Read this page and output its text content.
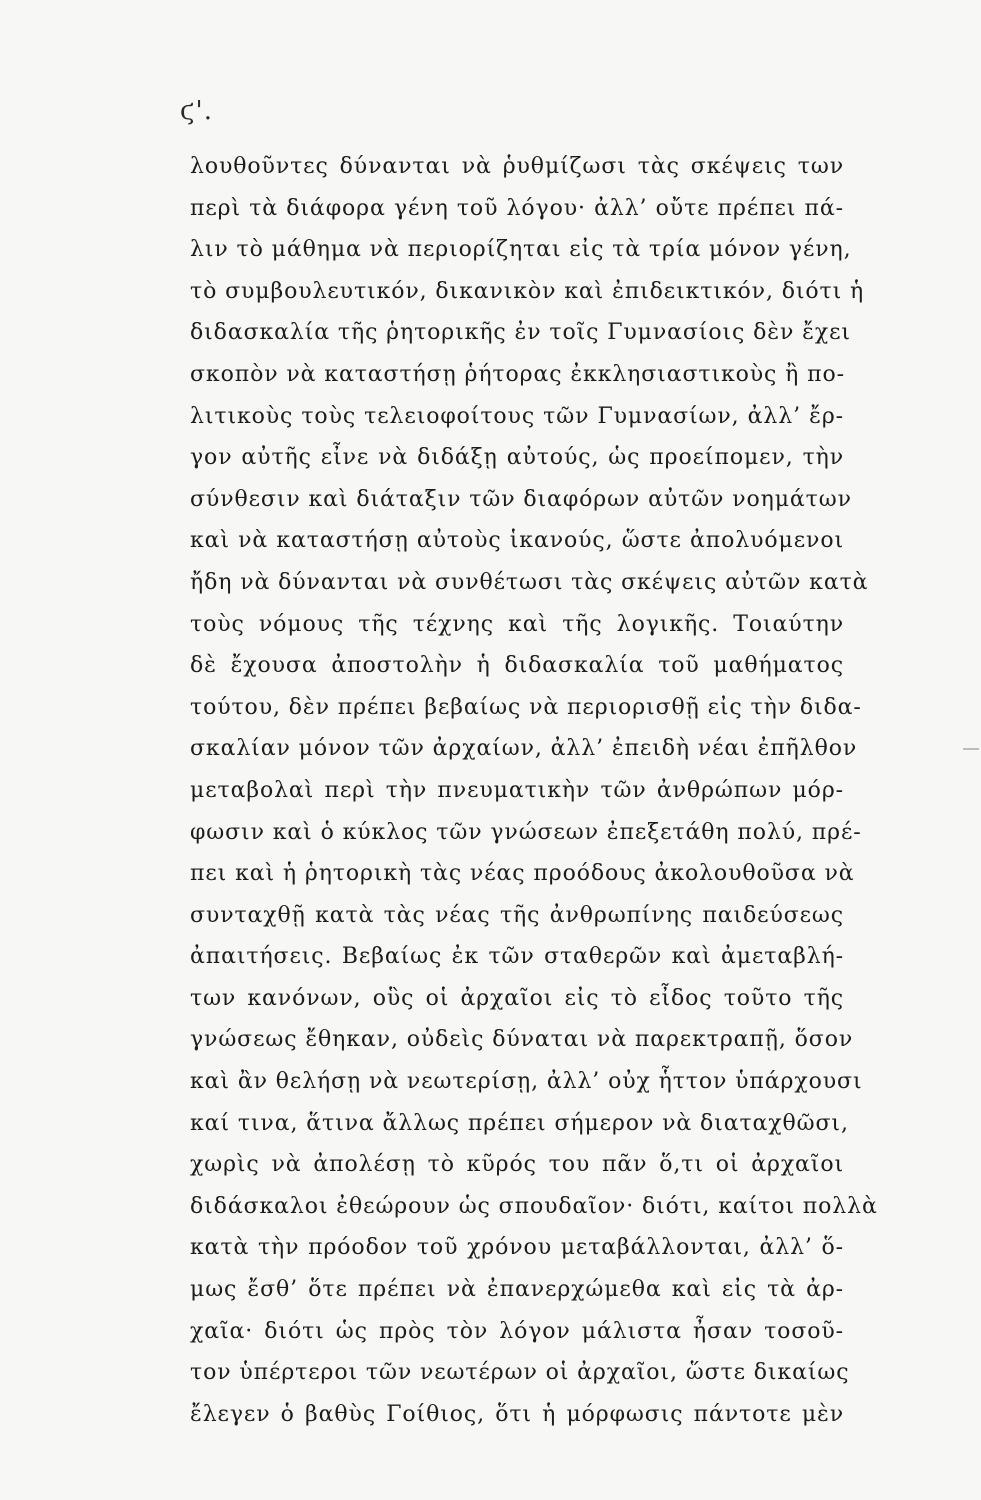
ϛ'.
λουθοῦντες δύνανται νὰ ῥυθμίζωσι τὰς σκέψεις των
περὶ τὰ διάφορα γένη τοῦ λόγου· ἀλλ’ οὔτε πρέπει πά-
λιν τὸ μάθημα νὰ περιορίζηται εἰς τὰ τρία μόνον γένη,
τὸ συμβουλευτικόν, δικανικὸν καὶ ἐπιδεικτικόν, διότι ἡ
διδασκαλία τῆς ῥητορικῆς ἐν τοῖς Γυμνασίοις δὲν ἔχει
σκοπὸν νὰ καταστήσῃ ῥήτορας ἐκκλησιαστικοὺς ἢ πο-
λιτικοὺς τοὺς τελειοφοίτους τῶν Γυμνασίων, ἀλλ’ ἔρ-
γον αὐτῆς εἶνε νὰ διδάξῃ αὐτούς, ὡς προείπομεν, τὴν
σύνθεσιν καὶ διάταξιν τῶν διαφόρων αὐτῶν νοημάτων
καὶ νὰ καταστήσῃ αὐτοὺς ἱκανούς, ὥστε ἀπολυόμενοι
ἤδη νὰ δύνανται νὰ συνθέτωσι τὰς σκέψεις αὐτῶν κατὰ
τοὺς νόμους τῆς τέχνης καὶ τῆς λογικῆς. Τοιαύτην
δὲ ἔχουσα ἀποστολὴν ἡ διδασκαλία τοῦ μαθήματος
τούτου, δὲν πρέπει βεβαίως νὰ περιορισθῇ εἰς τὴν διδα-
σκαλίαν μόνον τῶν ἀρχαίων, ἀλλ’ ἐπειδὴ νέαι ἐπῆλθον
μεταβολαὶ περὶ τὴν πνευματικὴν τῶν ἀνθρώπων μόρ-
φωσιν καὶ ὁ κύκλος τῶν γνώσεων ἐπεξετάθη πολύ, πρέ-
πει καὶ ἡ ῥητορικὴ τὰς νέας προόδους ἀκολουθοῦσα νὰ
συνταχθῇ κατὰ τὰς νέας τῆς ἀνθρωπίνης παιδεύσεως
ἀπαιτήσεις. Βεβαίως ἐκ τῶν σταθερῶν καὶ ἀμεταβλή-
των κανόνων, οὓς οἱ ἀρχαῖοι εἰς τὸ εἶδος τοῦτο τῆς
γνώσεως ἔθηκαν, οὐδεὶς δύναται νὰ παρεκτραπῇ, ὅσον
καὶ ἂν θελήσῃ νὰ νεωτερίσῃ, ἀλλ’ οὐχ ἧττον ὑπάρχουσι
καί τινα, ἅτινα ἄλλως πρέπει σήμερον νὰ διαταχθῶσι,
χωρὶς νὰ ἀπολέσῃ τὸ κῦρός του πᾶν ὅ,τι οἱ ἀρχαῖοι
διδάσκαλοι ἐθεώρουν ὡς σπουδαῖον· διότι, καίτοι πολλὰ
κατὰ τὴν πρόοδον τοῦ χρόνου μεταβάλλονται, ἀλλ’ ὅ-
μως ἔσθ’ ὅτε πρέπει νὰ ἐπανερχώμεθα καὶ εἰς τὰ ἀρ-
χαῖα· διότι ὡς πρὸς τὸν λόγον μάλιστα ἦσαν τοσοῦ-
τον ὑπέρτεροι τῶν νεωτέρων οἱ ἀρχαῖοι, ὥστε δικαίως
ἔλεγεν ὁ βαθὺς Γοίθιος, ὅτι ἡ μόρφωσις πάντοτε μὲν
